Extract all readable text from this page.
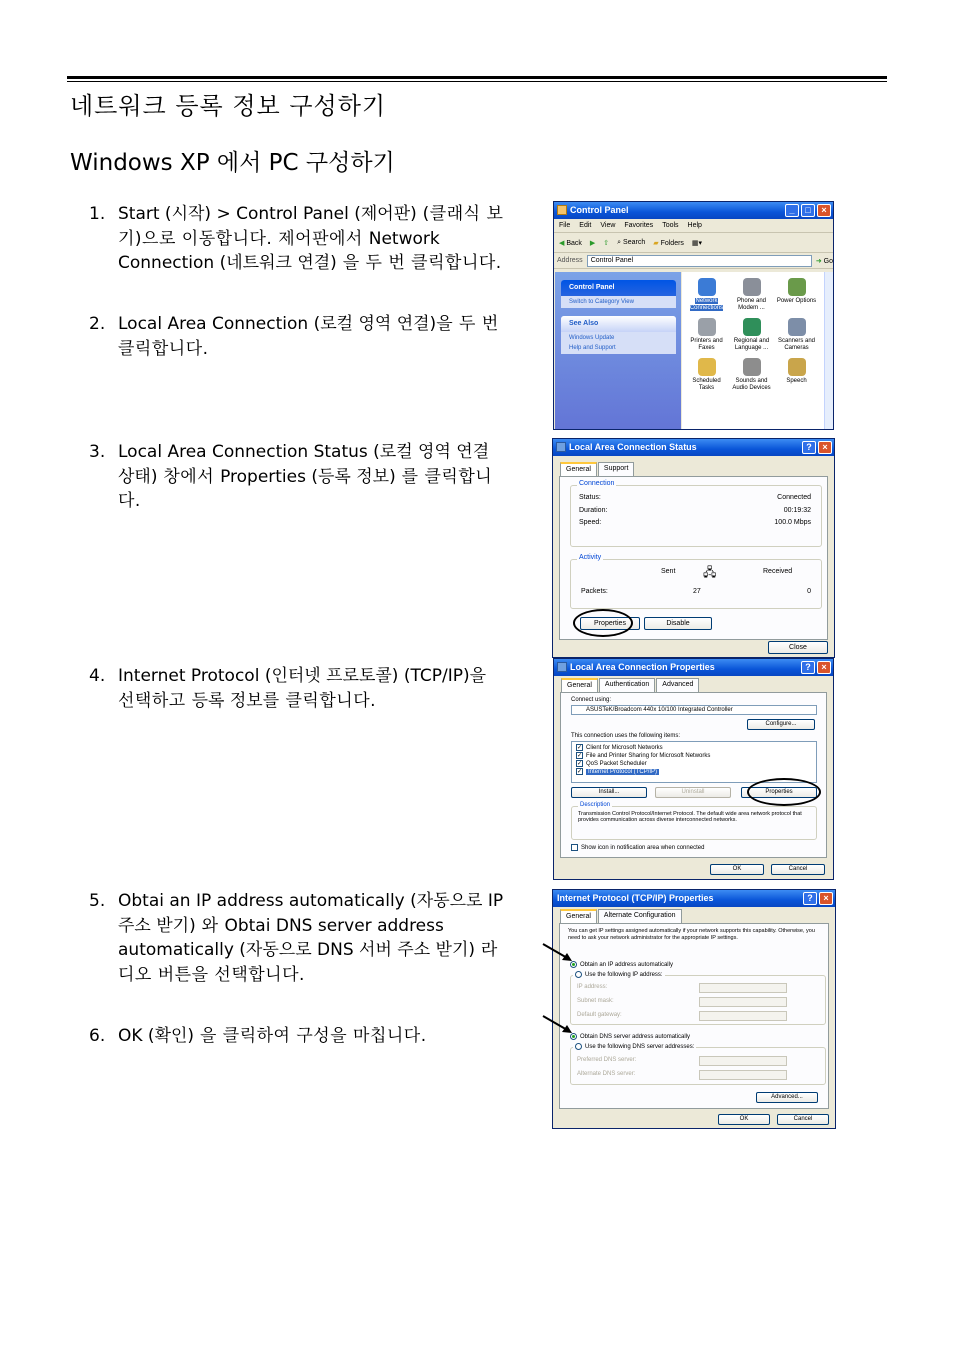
네트워크 등록 정보 구성하기
Windows XP 에서 PC 구성하기
1. Start (시작) > Control Panel (제어판) (클래식 보기)으로 이동합니다. 제어판에서 Network Connection (네트워크 연결) 을 두 번 클릭합니다.
2. Local Area Connection (로컬 영역 연결)을 두 번 클릭합니다.
3. Local Area Connection Status (로컬 영역 연결 상태) 창에서 Properties (등록 정보) 를 클릭합니다.
4. Internet Protocol (인터넷 프로토콜) (TCP/IP)을 선택하고 등록 정보를 클릭합니다.
5. Obtai an IP address automatically (자동으로 IP 주소 받기) 와 Obtai DNS server address automatically (자동으로 DNS 서버 주소 받기) 라디오 버튼을 선택합니다.
6. OK (확인) 을 클릭하여 구성을 마칩니다.
Control Panel	_	□	×
File Edit View Favorites Tools Help
◀ Back ▶ ⇧ ⌕ Search ▰ Folders ▦▾
Address	Control Panel	➜ Go
Control Panel
Switch to Category View
See Also
Windows Update
Help and Support
Network Connections
Phone and Modem ...
Power Options
Printers and Faxes
Regional and Language ...
Scanners and Cameras
Scheduled Tasks
Sounds and Audio Devices
Speech
Local Area Connection Status	?	×
General	Support
Connection
Status:	Connected
Duration:	00:19:32
Speed:	100.0 Mbps
Activity
Sent 🖧	Received
Packets:	27	0
Properties	Disable
Close
Local Area Connection Properties	?	×
General	Authentication	Advanced
Connect using:
ASUSTeK/Broadcom 440x 10/100 Integrated Controller
Configure...
This connection uses the following items:
✓ Client for Microsoft Networks
✓ File and Printer Sharing for Microsoft Networks
✓ QoS Packet Scheduler
✓ Internet Protocol (TCP/IP)
Install...	Uninstall	Properties
Description
Transmission Control Protocol/Internet Protocol. The default wide area network protocol that provides communication across diverse interconnected networks.
Show icon in notification area when connected
OK	Cancel
Internet Protocol (TCP/IP) Properties	?	×
General	Alternate Configuration
You can get IP settings assigned automatically if your network supports this capability. Otherwise, you need to ask your network administrator for the appropriate IP settings.
Obtain an IP address automatically
Use the following IP address:
IP address:
Subnet mask:
Default gateway:
Obtain DNS server address automatically
Use the following DNS server addresses:
Preferred DNS server:
Alternate DNS server:
Advanced...
OK	Cancel
